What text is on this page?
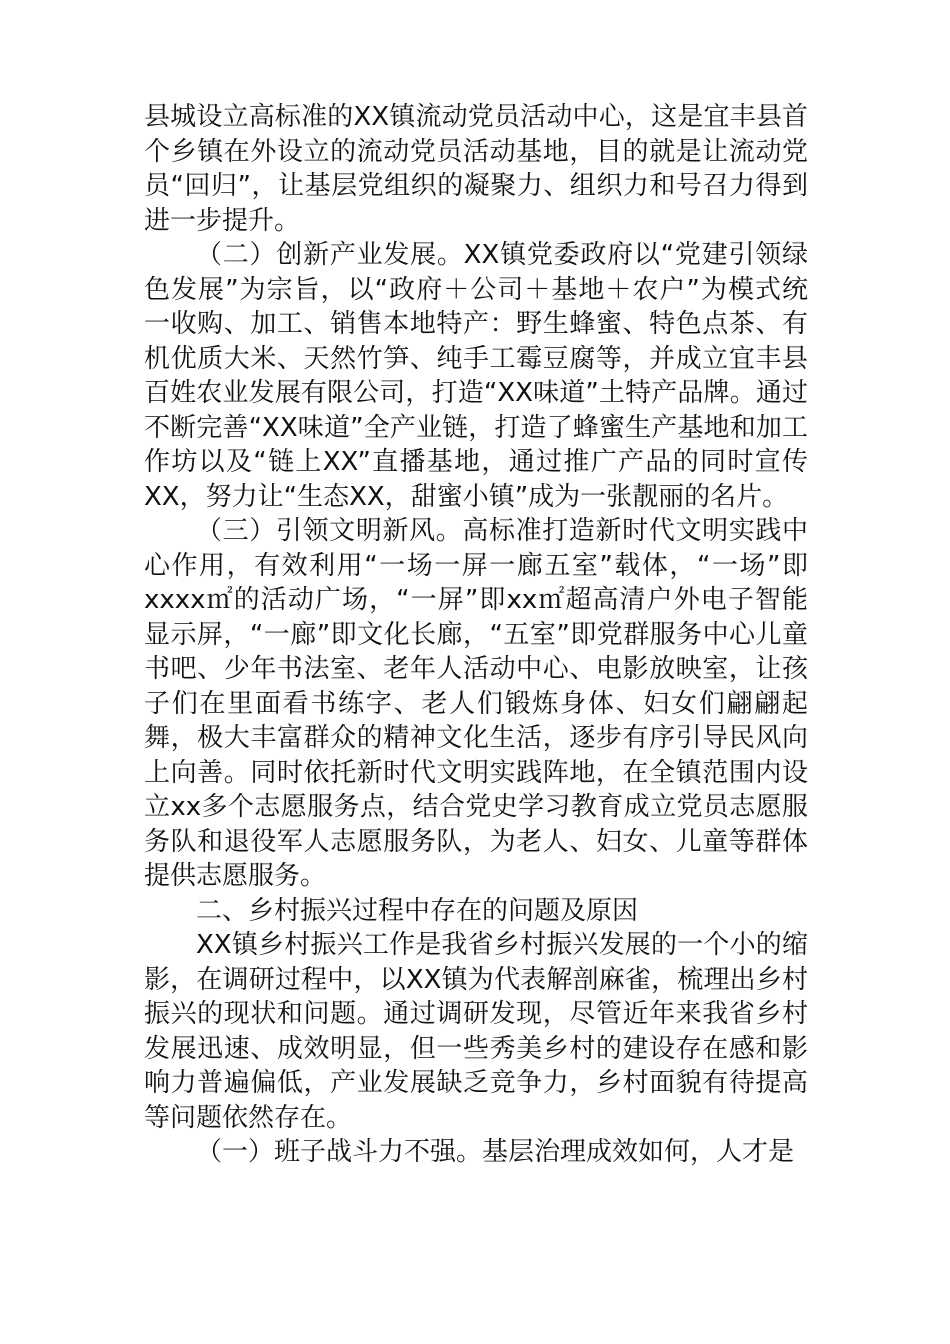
县城设立高标准的XX镇流动党员活动中心，这是宜丰县首个乡镇在外设立的流动党员活动基地，目的就是让流动党员“回归”，让基层党组织的凝聚力、组织力和号召力得到进一步提升。

（二）创新产业发展。XX镇党委政府以“党建引领绿色发展”为宗旨，以“政府＋公司＋基地＋农户”为模式统一收购、加工、销售本地特产：野生蜂蜜、特色点茶、有机优质大米、天然竹笋、纯手工霉豆腐等，并成立宜丰县百姓农业发展有限公司，打造“XX味道”土特产品牌。通过不断完善“XX味道”全产业链，打造了蜂蜜生产基地和加工作坊以及“链上XX”直播基地，通过推广产品的同时宣传XX，努力让“生态XX，甜蜜小镇”成为一张靓丽的名片。

（三）引领文明新风。高标准打造新时代文明实践中心作用，有效利用“一场一屏一廊五室”载体，“一场”即xxxx㎡的活动广场，“一屏”即xx㎡超高清户外电子智能显示屏，“一廊”即文化长廊，“五室”即党群服务中心儿童书吧、少年书法室、老年人活动中心、电影放映室，让孩子们在里面看书练字、老人们锻炼身体、妇女们翩翩起舞，极大丰富群众的精神文化生活，逐步有序引导民风向上向善。同时依托新时代文明实践阵地，在全镇范围内设立xx多个志愿服务点，结合党史学习教育成立党员志愿服务队和退役军人志愿服务队，为老人、妇女、儿童等群体提供志愿服务。

二、乡村振兴过程中存在的问题及原因

XX镇乡村振兴工作是我省乡村振兴发展的一个小的缩影，在调研过程中，以XX镇为代表解剖麻雀，梳理出乡村振兴的现状和问题。通过调研发现，尽管近年来我省乡村发展迅速、成效明显，但一些秀美乡村的建设存在感和影响力普遍偏低，产业发展缺乏竞争力，乡村面貌有待提高等问题依然存在。

（一）班子战斗力不强。基层治理成效如何，人才是
